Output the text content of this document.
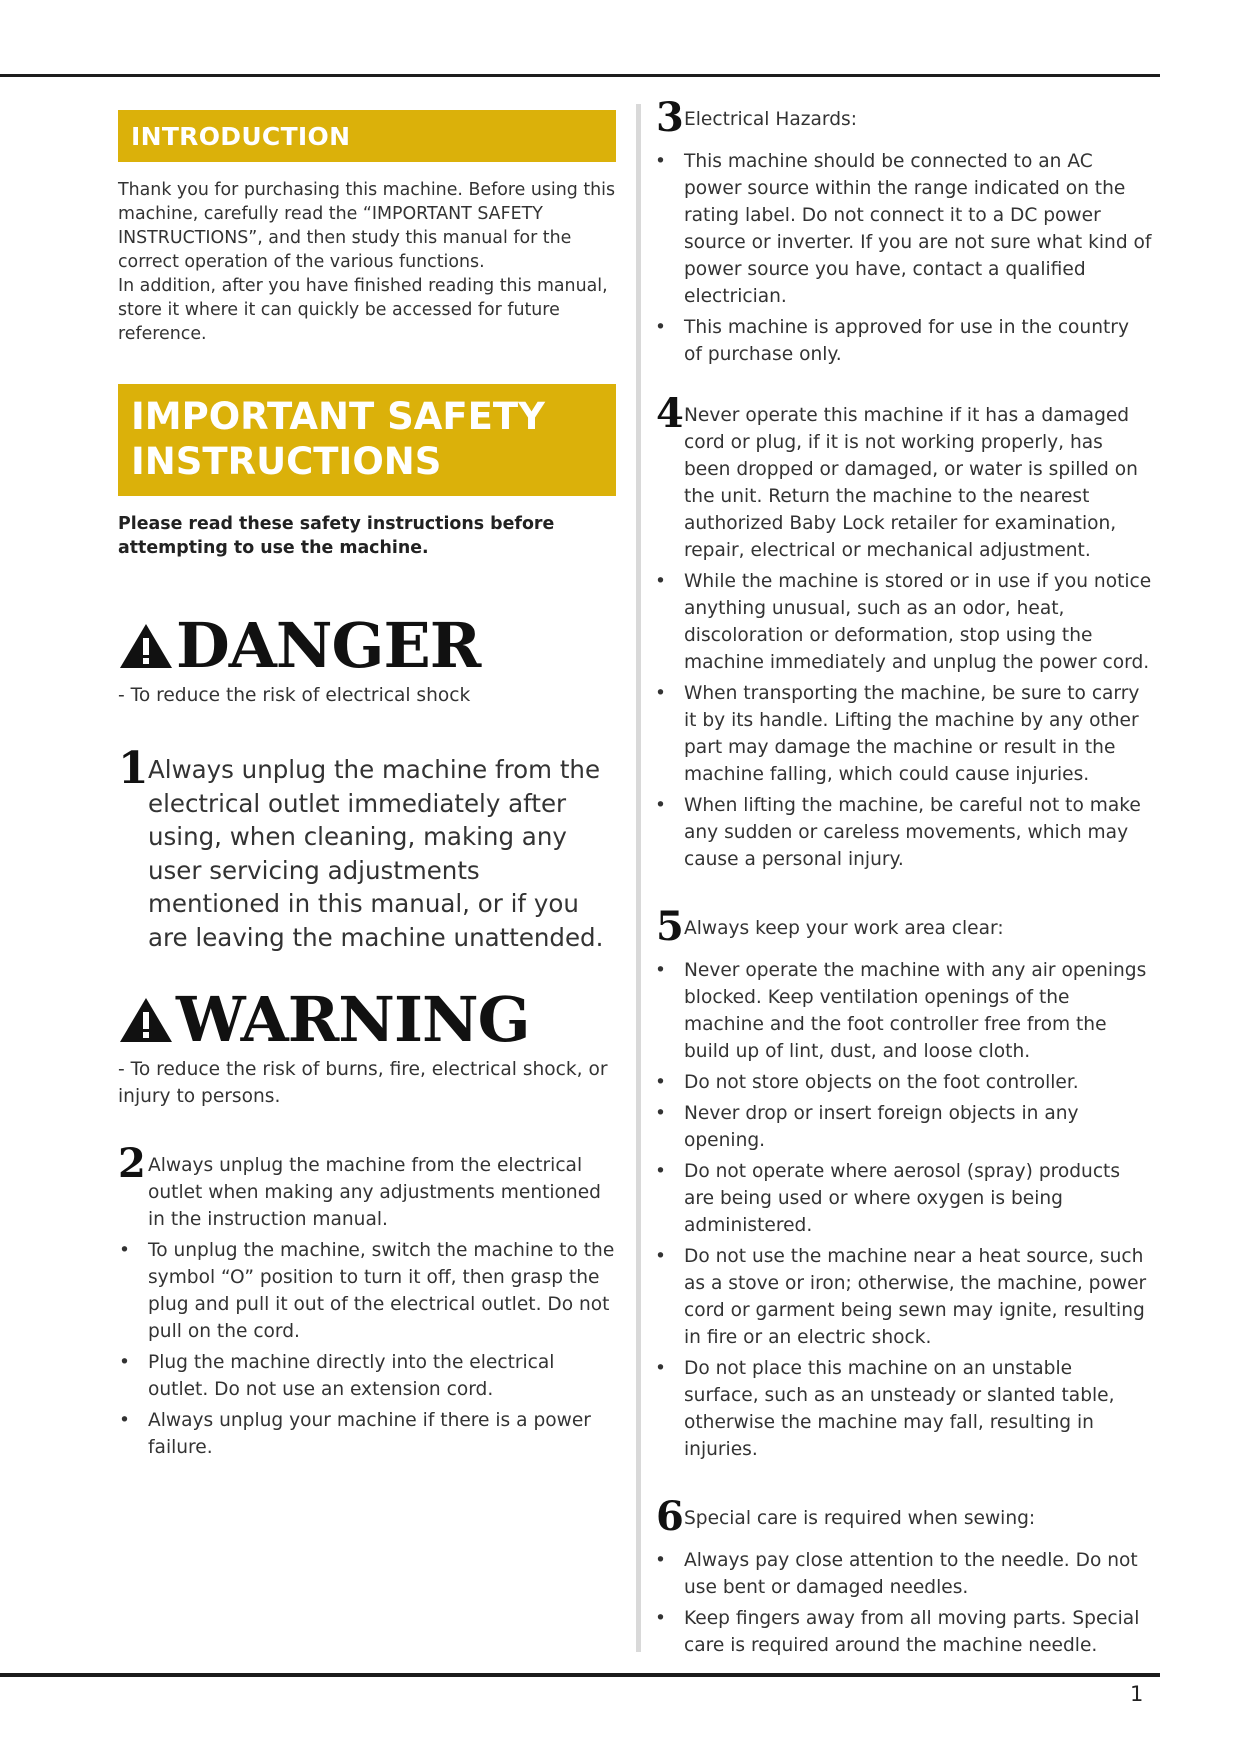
1
INTRODUCTION

Thank you for purchasing this machine. Before using this machine, carefully read the “IMPORTANT SAFETY INSTRUCTIONS”, and then study this manual for the correct operation of the various functions.

In addition, after you have finished reading this manual, store it where it can quickly be accessed for future reference.

IMPORTANT SAFETY
INSTRUCTIONS

Please read these safety instructions before attempting to use the machine.

DANGER

- To reduce the risk of electrical shock

1 Always unplug the machine from the electrical outlet immediately after using, when cleaning, making any user servicing adjustments mentioned in this manual, or if you are leaving the machine unattended.

WARNING

- To reduce the risk of burns, fire, electrical shock, or injury to persons.

2 Always unplug the machine from the electrical outlet when making any adjustments mentioned in the instruction manual.

• To unplug the machine, switch the machine to the symbol “O” position to turn it off, then grasp the plug and pull it out of the electrical outlet. Do not pull on the cord.
• Plug the machine directly into the electrical outlet. Do not use an extension cord.
• Always unplug your machine if there is a power failure.
3 Electrical Hazards:

• This machine should be connected to an AC power source within the range indicated on the rating label. Do not connect it to a DC power source or inverter. If you are not sure what kind of power source you have, contact a qualified electrician.
• This machine is approved for use in the country of purchase only.
4 Never operate this machine if it has a damaged cord or plug, if it is not working properly, has been dropped or damaged, or water is spilled on the unit. Return the machine to the nearest authorized Baby Lock retailer for examination, repair, electrical or mechanical adjustment.

• While the machine is stored or in use if you notice anything unusual, such as an odor, heat, discoloration or deformation, stop using the machine immediately and unplug the power cord.
• When transporting the machine, be sure to carry it by its handle. Lifting the machine by any other part may damage the machine or result in the machine falling, which could cause injuries.
• When lifting the machine, be careful not to make any sudden or careless movements, which may cause a personal injury.
5 Always keep your work area clear:

• Never operate the machine with any air openings blocked. Keep ventilation openings of the machine and the foot controller free from the build up of lint, dust, and loose cloth.
• Do not store objects on the foot controller.
• Never drop or insert foreign objects in any opening.
• Do not operate where aerosol (spray) products are being used or where oxygen is being administered.
• Do not use the machine near a heat source, such as a stove or iron; otherwise, the machine, power cord or garment being sewn may ignite, resulting in fire or an electric shock.
• Do not place this machine on an unstable surface, such as an unsteady or slanted table, otherwise the machine may fall, resulting in injuries.
6 Special care is required when sewing:

• Always pay close attention to the needle. Do not use bent or damaged needles.
• Keep fingers away from all moving parts. Special care is required around the machine needle.
